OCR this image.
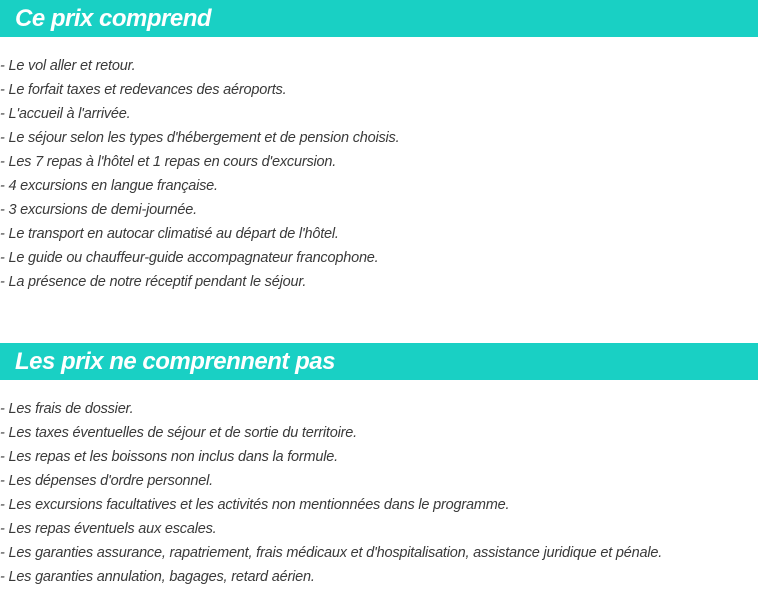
Ce prix comprend
- Le vol aller et retour.
- Le forfait taxes et redevances des aéroports.
- L'accueil à l'arrivée.
- Le séjour selon les types d'hébergement et de pension choisis.
- Les 7 repas à l'hôtel et 1 repas en cours d'excursion.
- 4 excursions en langue française.
- 3 excursions de demi-journée.
- Le transport en autocar climatisé au départ de l'hôtel.
- Le guide ou chauffeur-guide accompagnateur francophone.
- La présence de notre réceptif pendant le séjour.
Les prix ne comprennent pas
- Les frais de dossier.
- Les taxes éventuelles de séjour et de sortie du territoire.
- Les repas et les boissons non inclus dans la formule.
- Les dépenses d'ordre personnel.
- Les excursions facultatives et les activités non mentionnées dans le programme.
- Les repas éventuels aux escales.
- Les garanties assurance, rapatriement, frais médicaux et d'hospitalisation, assistance juridique et pénale.
- Les garanties annulation, bagages, retard aérien.
